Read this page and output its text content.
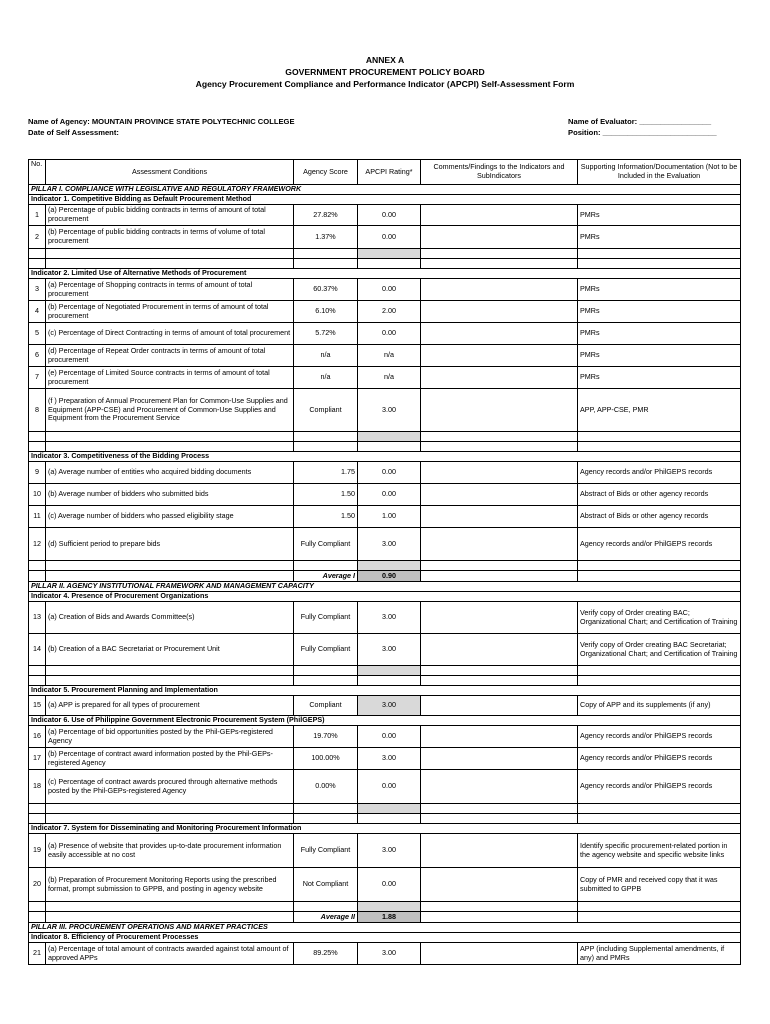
ANNEX A
GOVERNMENT PROCUREMENT POLICY BOARD
Agency Procurement Compliance and Performance Indicator (APCPI) Self-Assessment Form
Name of Agency: MOUNTAIN PROVINCE STATE POLYTECHNIC COLLEGE
Date of Self Assessment:
Name of Evaluator: _________________
Position: ___________________________
No.	Assessment Conditions	Agency Score	APCPI Rating*	Comments/Findings to the Indicators and SubIndicators	Supporting Information/Documentation (Not to be Included in the Evaluation
PILLAR I. COMPLIANCE WITH LEGISLATIVE AND REGULATORY FRAMEWORK					
Indicator 1. Competitive Bidding as Default Procurement Method					
1	(a) Percentage of public bidding contracts in terms of amount of total procurement	27.82%	0.00		PMRs
2	(b) Percentage of public bidding contracts in terms of volume of total procurement	1.37%	0.00		PMRs

Indicator 2. Limited Use of Alternative Methods of Procurement					
3	(a) Percentage of Shopping contracts in terms of amount of total procurement	60.37%	0.00		PMRs
4	(b) Percentage of Negotiated Procurement in terms of amount of total procurement	6.10%	2.00		PMRs
5	(c) Percentage of Direct Contracting in terms of amount of total procurement	5.72%	0.00		PMRs
6	(d) Percentage of Repeat Order contracts in terms of amount of total procurement	n/a	n/a		PMRs
7	(e) Percentage of Limited Source contracts in terms of amount of total procurement	n/a	n/a		PMRs
8	(f ) Preparation of Annual Procurement Plan for Common-Use Supplies and Equipment (APP-CSE) and Procurement of Common-Use Supplies and Equipment from the Procurement Service	Compliant	3.00		APP, APP-CSE, PMR

Indicator 3. Competitiveness of the Bidding Process					
9	(a) Average number of entities who acquired bidding documents	1.75	0.00		Agency records and/or PhilGEPS records
10	(b) Average number of bidders who submitted bids	1.50	0.00		Abstract of Bids or other agency records
11	(c) Average number of bidders who passed eligibility stage	1.50	1.00		Abstract of Bids or other agency records
12	(d) Sufficient period to prepare bids	Fully Compliant	3.00		Agency records and/or PhilGEPS records

		Average I	0.90		
PILLAR II. AGENCY INSTITUTIONAL FRAMEWORK AND MANAGEMENT CAPACITY					
Indicator 4. Presence of Procurement Organizations					
13	(a) Creation of Bids and Awards Committee(s)	Fully Compliant	3.00		Verify copy of Order creating BAC; Organizational Chart; and Certification of Training
14	(b) Creation of a BAC Secretariat or Procurement Unit	Fully Compliant	3.00		Verify copy of Order creating BAC Secretariat; Organizational Chart; and Certification of Training

Indicator 5. Procurement Planning and Implementation					
15	(a) APP is prepared for all types of procurement	Compliant	3.00		Copy of APP and its supplements (if any)
Indicator 6. Use of Philippine Government Electronic Procurement System (PhilGEPS)					
16	(a) Percentage of bid opportunities posted by the Phil-GEPs-registered Agency	19.70%	0.00		Agency records and/or PhilGEPS records
17	(b) Percentage of contract award information posted by the Phil-GEPs-registered Agency	100.00%	3.00		Agency records and/or PhilGEPS records
18	(c) Percentage of contract awards procured through alternative methods posted by the Phil-GEPs-registered Agency	0.00%	0.00		Agency records and/or PhilGEPS records

Indicator 7. System for Disseminating and Monitoring Procurement Information					
19	(a) Presence of website that provides up-to-date procurement information easily accessible at no cost	Fully Compliant	3.00		Identify specific procurement-related portion in the agency website and specific website links
20	(b) Preparation of Procurement Monitoring Reports using the prescribed format, prompt submission to GPPB, and posting in agency website	Not Compliant	0.00		Copy of PMR and received copy that it was submitted to GPPB

		Average II	1.88		
PILLAR III. PROCUREMENT OPERATIONS AND MARKET PRACTICES					
Indicator 8. Efficiency of Procurement Processes					
21	(a) Percentage of total amount of contracts awarded against total amount of approved APPs	89.25%	3.00		APP (including Supplemental amendments, if any) and PMRs
